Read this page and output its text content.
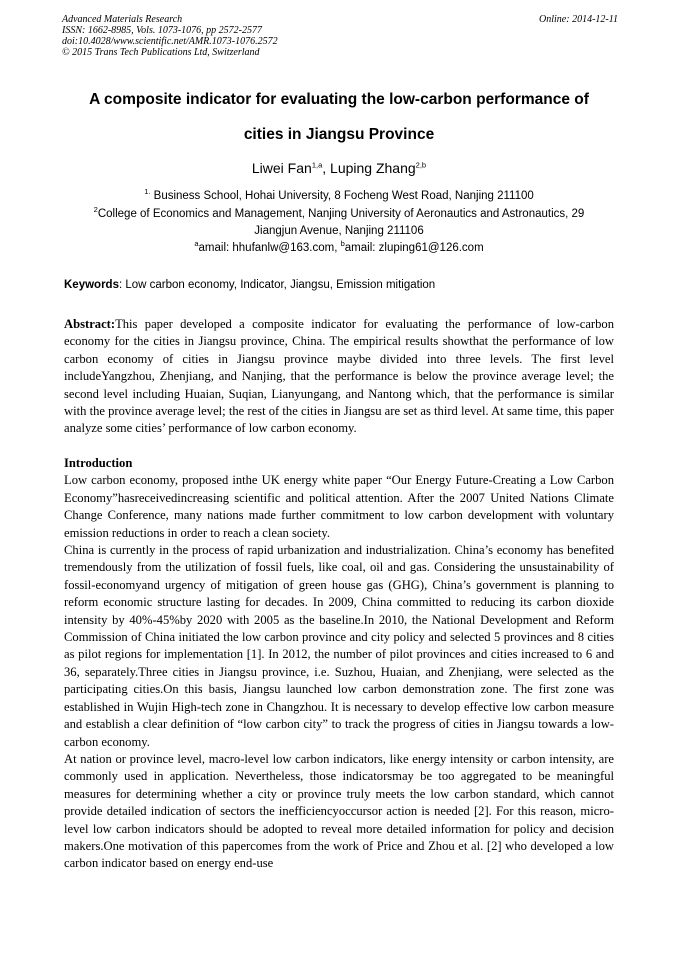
Advanced Materials Research
ISSN: 1662-8985, Vols. 1073-1076, pp 2572-2577
doi:10.4028/www.scientific.net/AMR.1073-1076.2572
© 2015 Trans Tech Publications Ltd, Switzerland
Online: 2014-12-11
A composite indicator for evaluating the low-carbon performance of
cities in Jiangsu Province
Liwei Fan$^{1,a}$, Luping Zhang$^{2,b}$
$^{1.}$ Business School, Hohai University, 8 Focheng West Road, Nanjing 211100
$^2$College of Economics and Management, Nanjing University of Aeronautics and Astronautics, 29
Jiangjun Avenue, Nanjing 211106
$^a$amail: hhufanlw@163.com, $^b$amail: zluping61@126.com
Keywords: Low carbon economy, Indicator, Jiangsu, Emission mitigation
Abstract:This paper developed a composite indicator for evaluating the performance of low-carbon economy for the cities in Jiangsu province, China. The empirical results showthat the performance of low carbon economy of cities in Jiangsu province maybe divided into three levels. The first level includeYangzhou, Zhenjiang, and Nanjing, that the performance is below the province average level; the second level including Huaian, Suqian, Lianyungang, and Nantong which, that the performance is similar with the province average level; the rest of the cities in Jiangsu are set as third level. At same time, this paper analyze some cities’ performance of low carbon economy.
Introduction
Low carbon economy, proposed inthe UK energy white paper “Our Energy Future-Creating a Low Carbon Economy”hasreceivedincreasing scientific and political attention. After the 2007 United Nations Climate Change Conference, many nations made further commitment to low carbon development with voluntary emission reductions in order to reach a clean society.
China is currently in the process of rapid urbanization and industrialization. China’s economy has benefited tremendously from the utilization of fossil fuels, like coal, oil and gas. Considering the unsustainability of fossil-economyand urgency of mitigation of green house gas (GHG), China’s government is planning to reform economic structure lasting for decades. In 2009, China committed to reducing its carbon dioxide intensity by 40%-45%by 2020 with 2005 as the baseline.In 2010, the National Development and Reform Commission of China initiated the low carbon province and city policy and selected 5 provinces and 8 cities as pilot regions for implementation [1]. In 2012, the number of pilot provinces and cities increased to 6 and 36, separately.Three cities in Jiangsu province, i.e. Suzhou, Huaian, and Zhenjiang, were selected as the participating cities.On this basis, Jiangsu launched low carbon demonstration zone. The first zone was established in Wujin High-tech zone in Changzhou. It is necessary to develop effective low carbon measure and establish a clear definition of “low carbon city” to track the progress of cities in Jiangsu towards a low-carbon economy.
At nation or province level, macro-level low carbon indicators, like energy intensity or carbon intensity, are commonly used in application. Nevertheless, those indicatorsmay be too aggregated to be meaningful measures for determining whether a city or province truly meets the low carbon standard, which cannot provide detailed indication of sectors the inefficiencyoccursor action is needed [2]. For this reason, micro-level low carbon indicators should be adopted to reveal more detailed information for policy and decision makers.One motivation of this papercomes from the work of Price and Zhou et al. [2] who developed a low carbon indicator based on energy end-use
